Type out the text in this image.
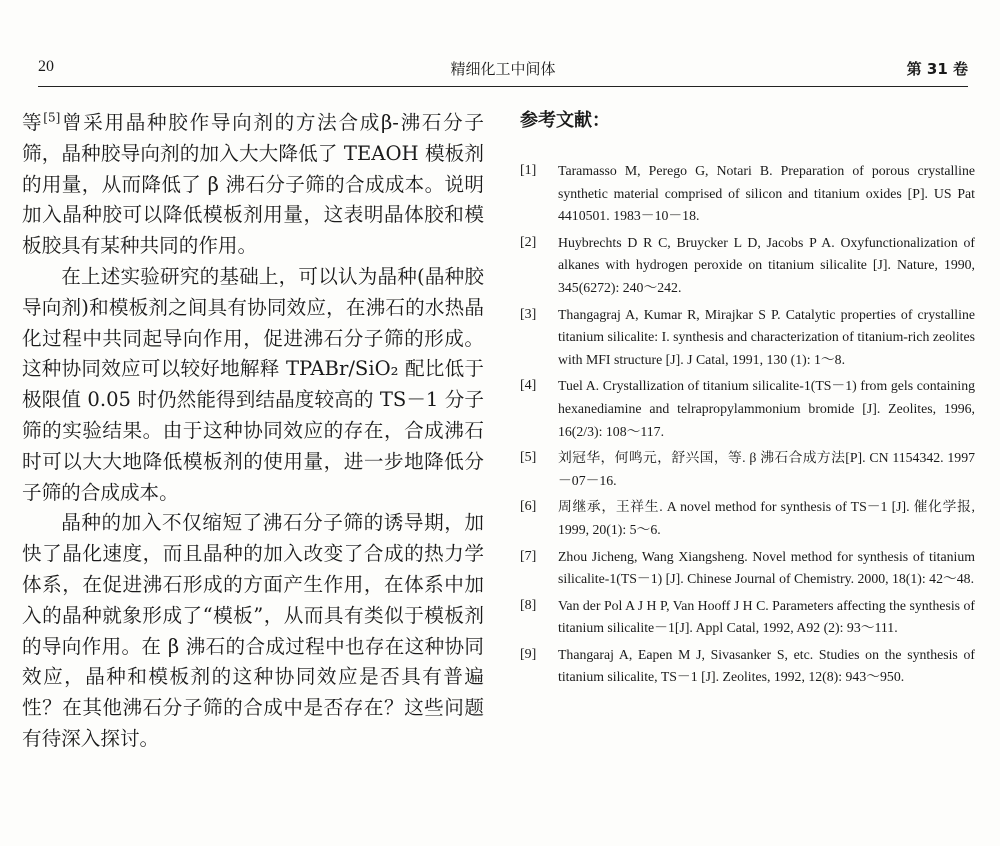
20	精细化工中间体	第 31 卷

等[5]曾采用晶种胶作导向剂的方法合成β-沸石分子筛，晶种胶导向剂的加入大大降低了 TEAOH 模板剂的用量，从而降低了 β 沸石分子筛的合成成本。说明加入晶种胶可以降低模板剂用量，这表明晶体胶和模板胶具有某种共同的作用。

在上述实验研究的基础上，可以认为晶种(晶种胶导向剂)和模板剂之间具有协同效应，在沸石的水热晶化过程中共同起导向作用，促进沸石分子筛的形成。这种协同效应可以较好地解释 TPABr/SiO₂ 配比低于极限值 0.05 时仍然能得到结晶度较高的 TS－1 分子筛的实验结果。由于这种协同效应的存在，合成沸石时可以大大地降低模板剂的使用量，进一步地降低分子筛的合成成本。

晶种的加入不仅缩短了沸石分子筛的诱导期，加快了晶化速度，而且晶种的加入改变了合成的热力学体系，在促进沸石形成的方面产生作用，在体系中加入的晶种就象形成了“模板”，从而具有类似于模板剂的导向作用。在 β 沸石的合成过程中也存在这种协同效应，晶种和模板剂的这种协同效应是否具有普遍性？在其他沸石分子筛的合成中是否存在？这些问题有待深入探讨。

参考文献：
[1] Taramasso M, Perego G, Notari B. Preparation of porous crystalline synthetic material comprised of silicon and titanium oxides [P]. US Pat 4410501. 1983－10－18.
[2] Huybrechts D R C, Bruycker L D, Jacobs P A. Oxyfunctionalization of alkanes with hydrogen peroxide on titanium silicalite [J]. Nature, 1990, 345(6272): 240～242.
[3] Thangagraj A, Kumar R, Mirajkar S P. Catalytic properties of crystalline titanium silicalite: I. synthesis and characterization of titanium-rich zeolites with MFI structure [J]. J Catal, 1991, 130 (1): 1～8.
[4] Tuel A. Crystallization of titanium silicalite-1(TS－1) from gels containing hexanediamine and telrapropylammonium bromide [J]. Zeolites, 1996, 16(2/3): 108～117.
[5] 刘冠华，何鸣元，舒兴国，等. β 沸石合成方法[P]. CN 1154342. 1997－07－16.
[6] 周继承，王祥生. A novel method for synthesis of TS－1 [J]. 催化学报, 1999, 20(1): 5～6.
[7] Zhou Jicheng, Wang Xiangsheng. Novel method for synthesis of titanium silicalite-1(TS－1) [J]. Chinese Journal of Chemistry. 2000, 18(1): 42～48.
[8] Van der Pol A J H P, Van Hooff J H C. Parameters affecting the synthesis of titanium silicalite－1[J]. Appl Catal, 1992, A92 (2): 93～111.
[9] Thangaraj A, Eapen M J, Sivasanker S, etc. Studies on the synthesis of titanium silicalite, TS－1 [J]. Zeolites, 1992, 12(8): 943～950.
